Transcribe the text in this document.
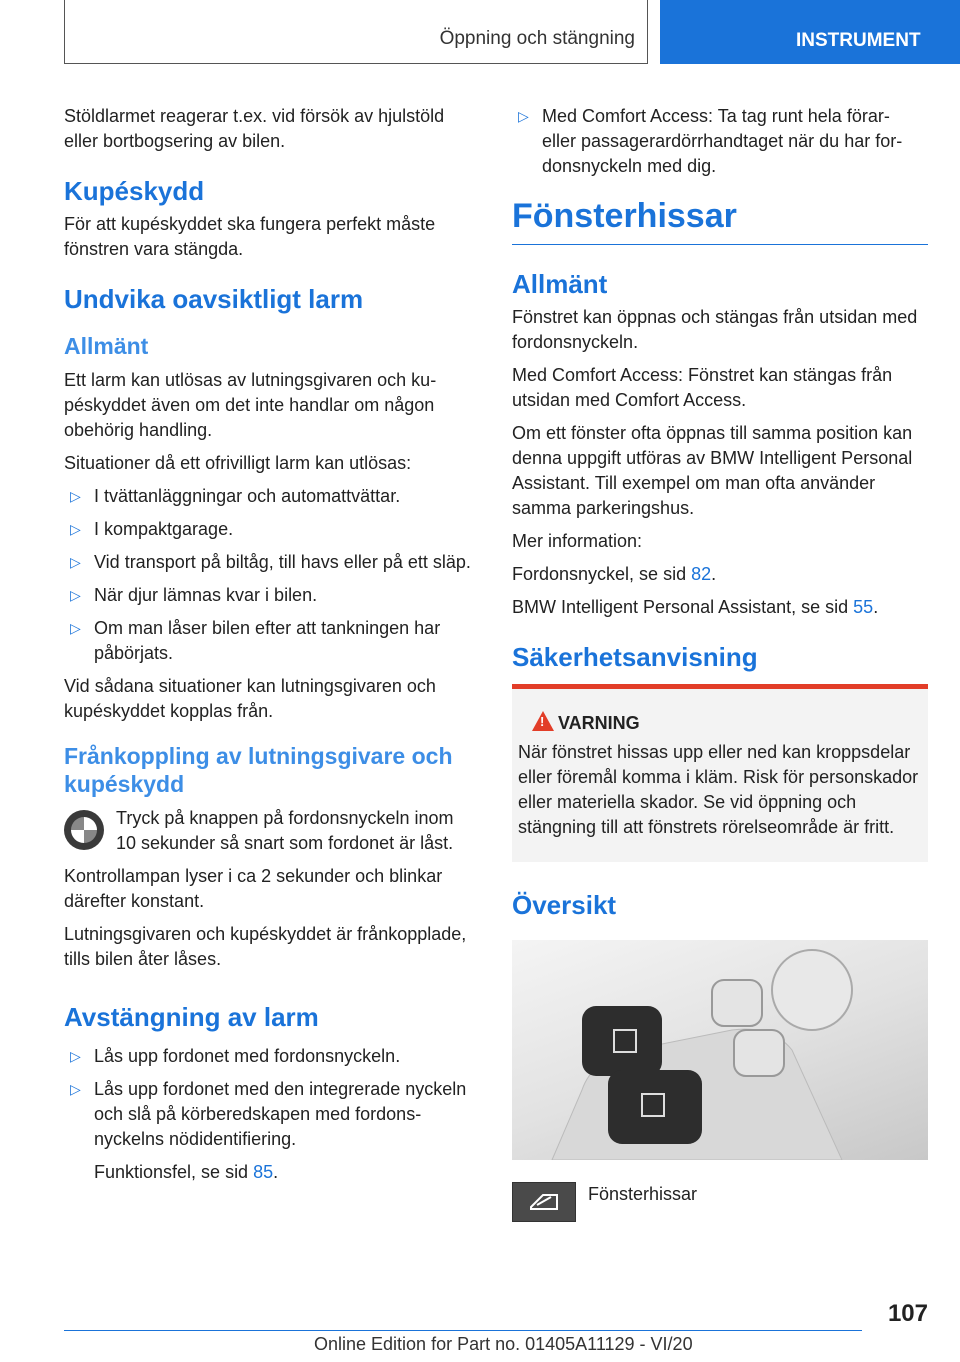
Öppning och stängning	INSTRUMENT

Stöldlarmet reagerar t.ex. vid försök av hjulstöld eller bortbogsering av bilen.

Kupéskydd

För att kupéskyddet ska fungera perfekt måste fönstren vara stängda.

Undvika oavsiktligt larm
Allmänt

Ett larm kan utlösas av lutningsgivaren och kupéskyddet även om det inte handlar om någon obehörig handling.

Situationer då ett ofrivilligt larm kan utlösas:

▷ I tvättanläggningar och automattvättar.
▷ I kompaktgarage.
▷ Vid transport på biltåg, till havs eller på ett släp.
▷ När djur lämnas kvar i bilen.
▷ Om man låser bilen efter att tankningen har påbörjats.

Vid sådana situationer kan lutningsgivaren och kupéskyddet kopplas från.

Frånkoppling av lutningsgivare och kupéskydd

Tryck på knappen på fordonsnyckeln inom 10 sekunder så snart som fordonet är låst.

Kontrollampan lyser i ca 2 sekunder och blinkar därefter konstant.

Lutningsgivaren och kupéskyddet är frånkopplade, tills bilen åter låses.

Avstängning av larm
▷ Lås upp fordonet med fordonsnyckeln.
▷ Lås upp fordonet med den integrerade nyckeln och slå på körberedskapen med fordonsnyckelns nödidentifiering.

Funktionsfel, se sid 85.

▷ Med Comfort Access: Ta tag runt hela förar- eller passagerardörrhandtaget när du har fordonsnyckeln med dig.
Fönsterhissar
Allmänt

Fönstret kan öppnas och stängas från utsidan med fordonsnyckeln.

Med Comfort Access: Fönstret kan stängas från utsidan med Comfort Access.

Om ett fönster ofta öppnas till samma position kan denna uppgift utföras av BMW Intelligent Personal Assistant. Till exempel om man ofta använder samma parkeringshus.

Mer information:

Fordonsnyckel, se sid 82.

BMW Intelligent Personal Assistant, se sid 55.

Säkerhetsanvisning
!
VARNING

När fönstret hissas upp eller ned kan kroppsdelar eller föremål komma i kläm. Risk för personskador eller materiella skador. Se vid öppning och stängning till att fönstrets rörelseområde är fritt.

Översikt

Fönsterhissar

107
Online Edition for Part no. 01405A11129 - VI/20
